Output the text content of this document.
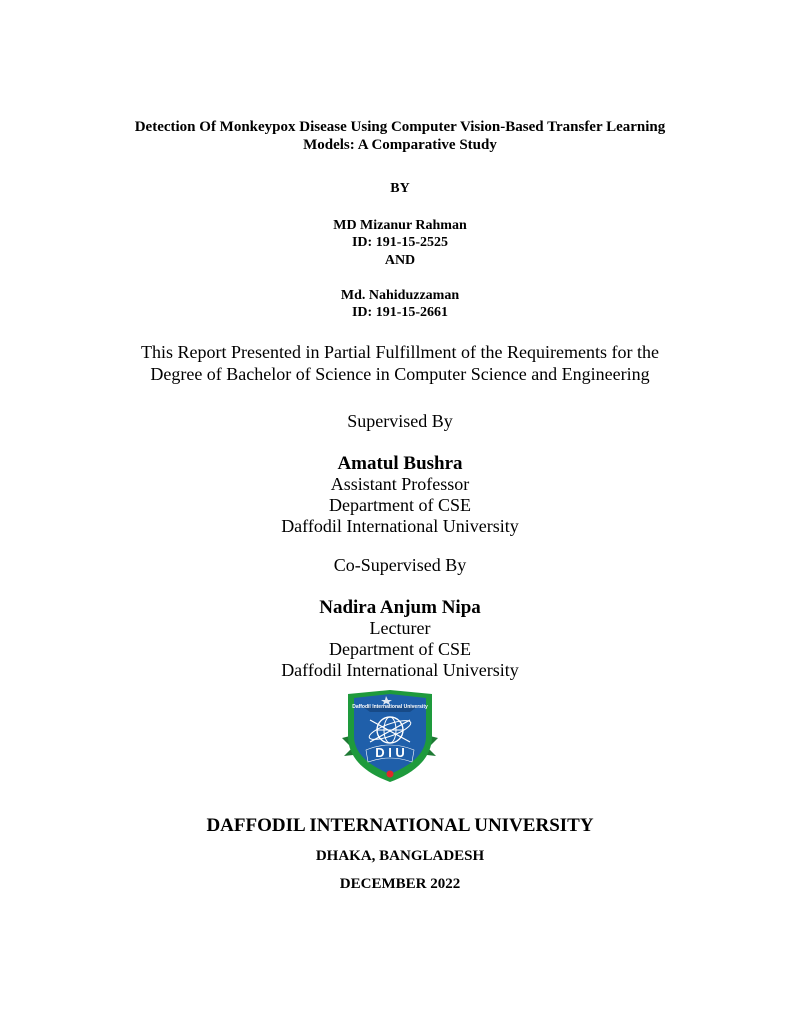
Detection Of Monkeypox Disease Using Computer Vision-Based Transfer Learning
Models: A Comparative Study
BY
MD Mizanur Rahman
ID: 191-15-2525
AND
Md. Nahiduzzaman
ID: 191-15-2661
This Report Presented in Partial Fulfillment of the Requirements for the
Degree of Bachelor of Science in Computer Science and Engineering
Supervised By
Amatul Bushra
Assistant Professor
Department of CSE
Daffodil International University
Co-Supervised By
Nadira Anjum Nipa
Lecturer
Department of CSE
Daffodil International University
Daffodil International University
D I U
DAFFODIL INTERNATIONAL UNIVERSITY
DHAKA, BANGLADESH
DECEMBER 2022
